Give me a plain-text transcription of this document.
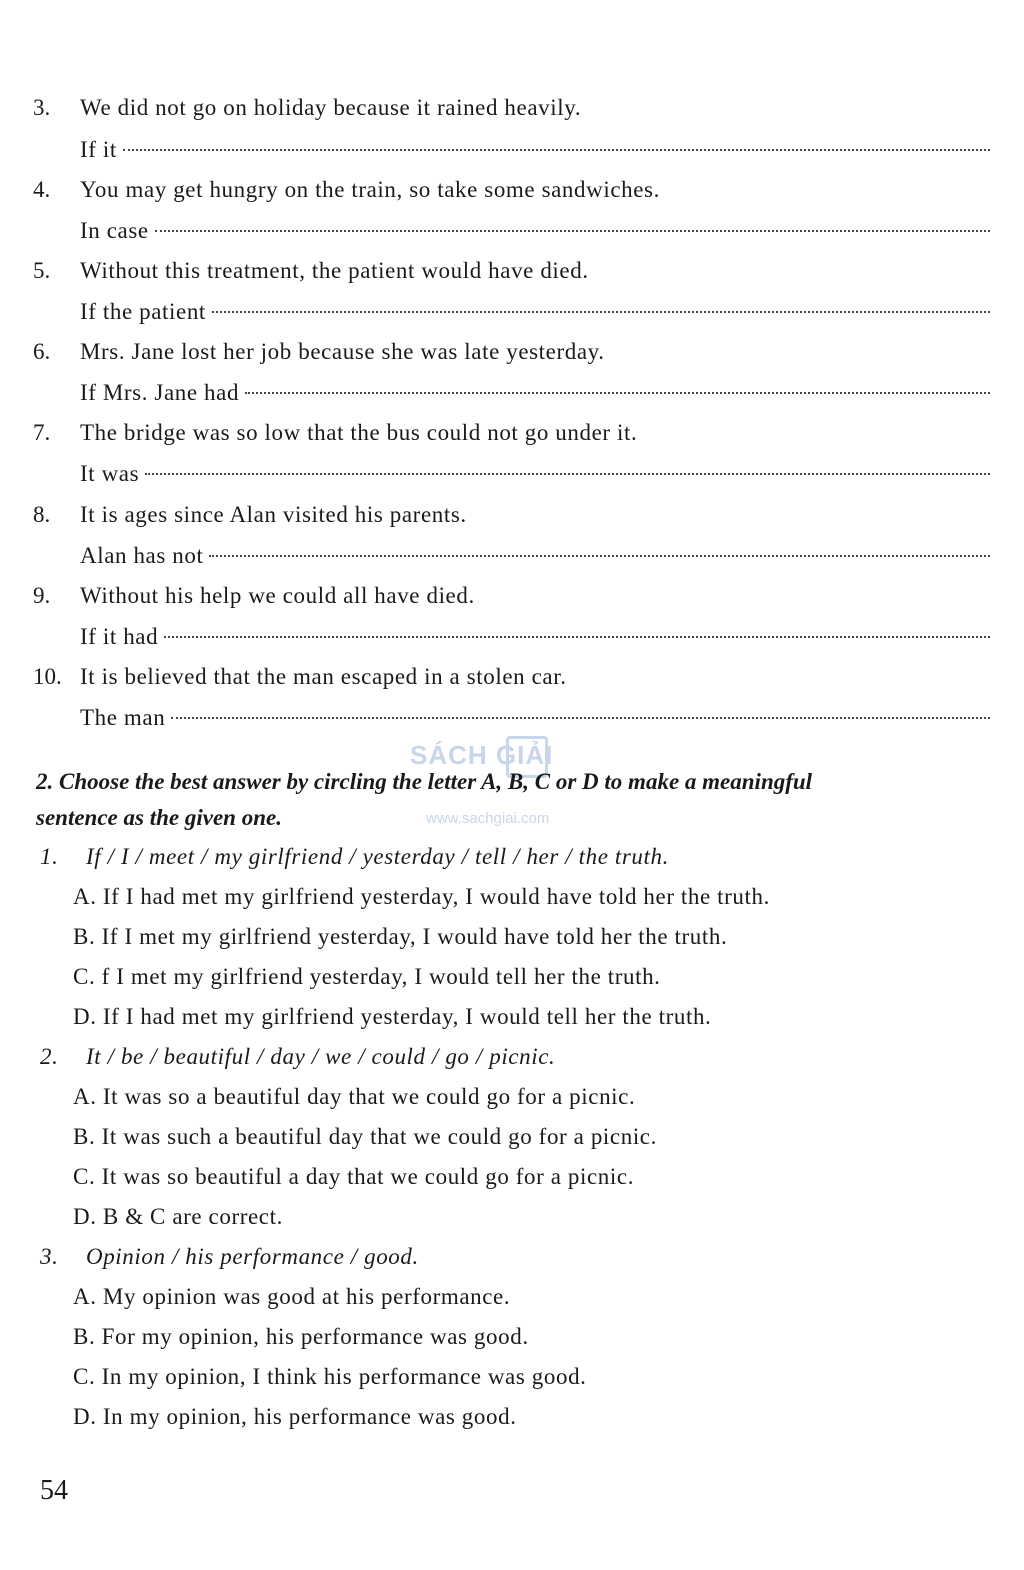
3. We did not go on holiday because it rained heavily.
If it
4. You may get hungry on the train, so take some sandwiches.
In case
5. Without this treatment, the patient would have died.
If the patient
6. Mrs. Jane lost her job because she was late yesterday.
If Mrs. Jane had
7. The bridge was so low that the bus could not go under it.
It was
8. It is ages since Alan visited his parents.
Alan has not
9. Without his help we could all have died.
If it had
10. It is believed that the man escaped in a stolen car.
The man
SÁCH GIẢI
www.sachgiai.com
2. Choose the best answer by circling the letter A, B, C or D to make a meaningful
sentence as the given one.
1. If / I / meet / my girlfriend / yesterday / tell / her / the truth.
A. If I had met my girlfriend yesterday, I would have told her the truth.
B. If I met my girlfriend yesterday, I would have told her the truth.
C. f I met my girlfriend yesterday, I would tell her the truth.
D. If I had met my girlfriend yesterday, I would tell her the truth.
2. It / be / beautiful / day / we / could / go / picnic.
A. It was so a beautiful day that we could go for a picnic.
B. It was such a beautiful day that we could go for a picnic.
C. It was so beautiful a day that we could go for a picnic.
D. B & C are correct.
3. Opinion / his performance / good.
A. My opinion was good at his performance.
B. For my opinion, his performance was good.
C. In my opinion, I think his performance was good.
D. In my opinion, his performance was good.
54
